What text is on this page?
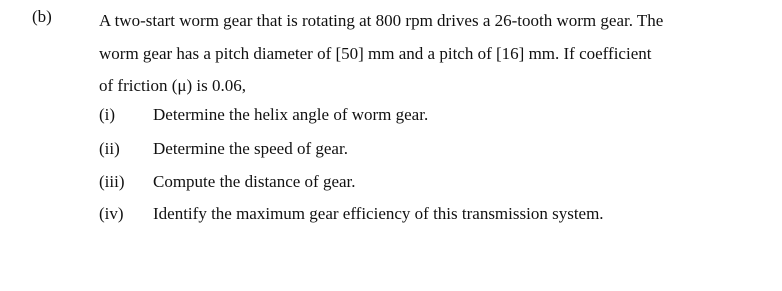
(b)	A two-start worm gear that is rotating at 800 rpm drives a 26-tooth worm gear. The
worm gear has a pitch diameter of [50] mm and a pitch of [16] mm. If coefficient
of friction (μ) is 0.06,
(i) Determine the helix angle of worm gear.
(ii) Determine the speed of gear.
(iii) Compute the distance of gear.
(iv) Identify the maximum gear efficiency of this transmission system.
